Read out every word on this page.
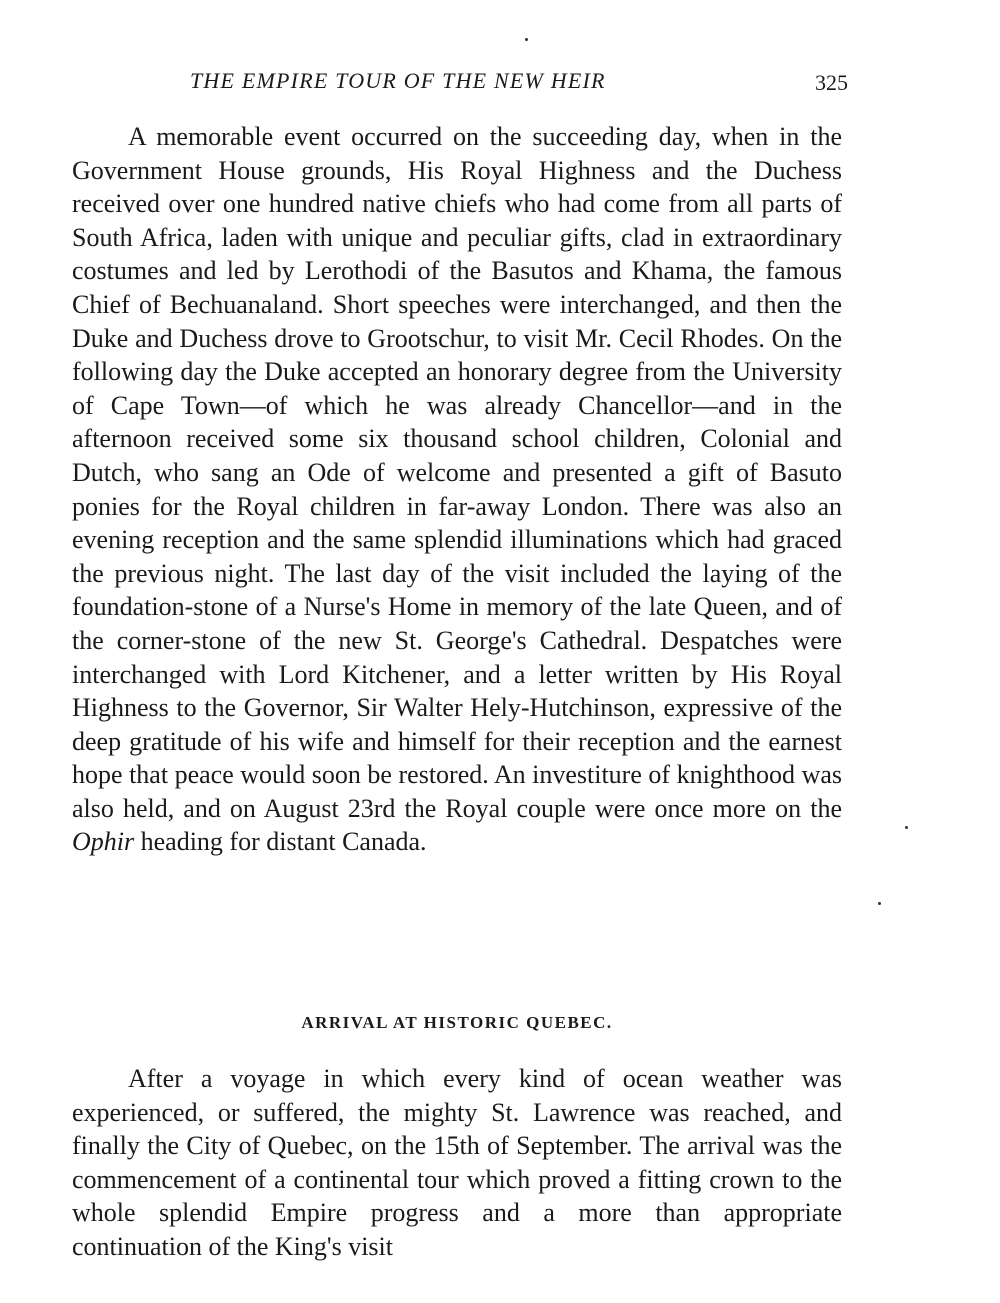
THE EMPIRE TOUR OF THE NEW HEIR	325

A memorable event occurred on the succeeding day, when in the Government House grounds, His Royal Highness and the Duchess received over one hundred native chiefs who had come from all parts of South Africa, laden with unique and peculiar gifts, clad in extraordinary costumes and led by Lerothodi of the Basutos and Khama, the famous Chief of Bechuanaland. Short speeches were interchanged, and then the Duke and Duchess drove to Grootschur, to visit Mr. Cecil Rhodes. On the following day the Duke accepted an honorary degree from the University of Cape Town—of which he was already Chancellor—and in the afternoon received some six thousand school children, Colonial and Dutch, who sang an Ode of welcome and presented a gift of Basuto ponies for the Royal children in far-away London. There was also an evening reception and the same splendid illuminations which had graced the previous night. The last day of the visit included the laying of the foundation-stone of a Nurse's Home in memory of the late Queen, and of the corner-stone of the new St. George's Cathedral. Despatches were interchanged with Lord Kitchener, and a letter written by His Royal Highness to the Governor, Sir Walter Hely-Hutchinson, expressive of the deep gratitude of his wife and himself for their reception and the earnest hope that peace would soon be restored. An investiture of knighthood was also held, and on August 23rd the Royal couple were once more on the Ophir heading for distant Canada.

ARRIVAL AT HISTORIC QUEBEC.

After a voyage in which every kind of ocean weather was experienced, or suffered, the mighty St. Lawrence was reached, and finally the City of Quebec, on the 15th of September. The arrival was the commencement of a continental tour which proved a fitting crown to the whole splendid Empire progress and a more than appropriate continuation of the King's visit
